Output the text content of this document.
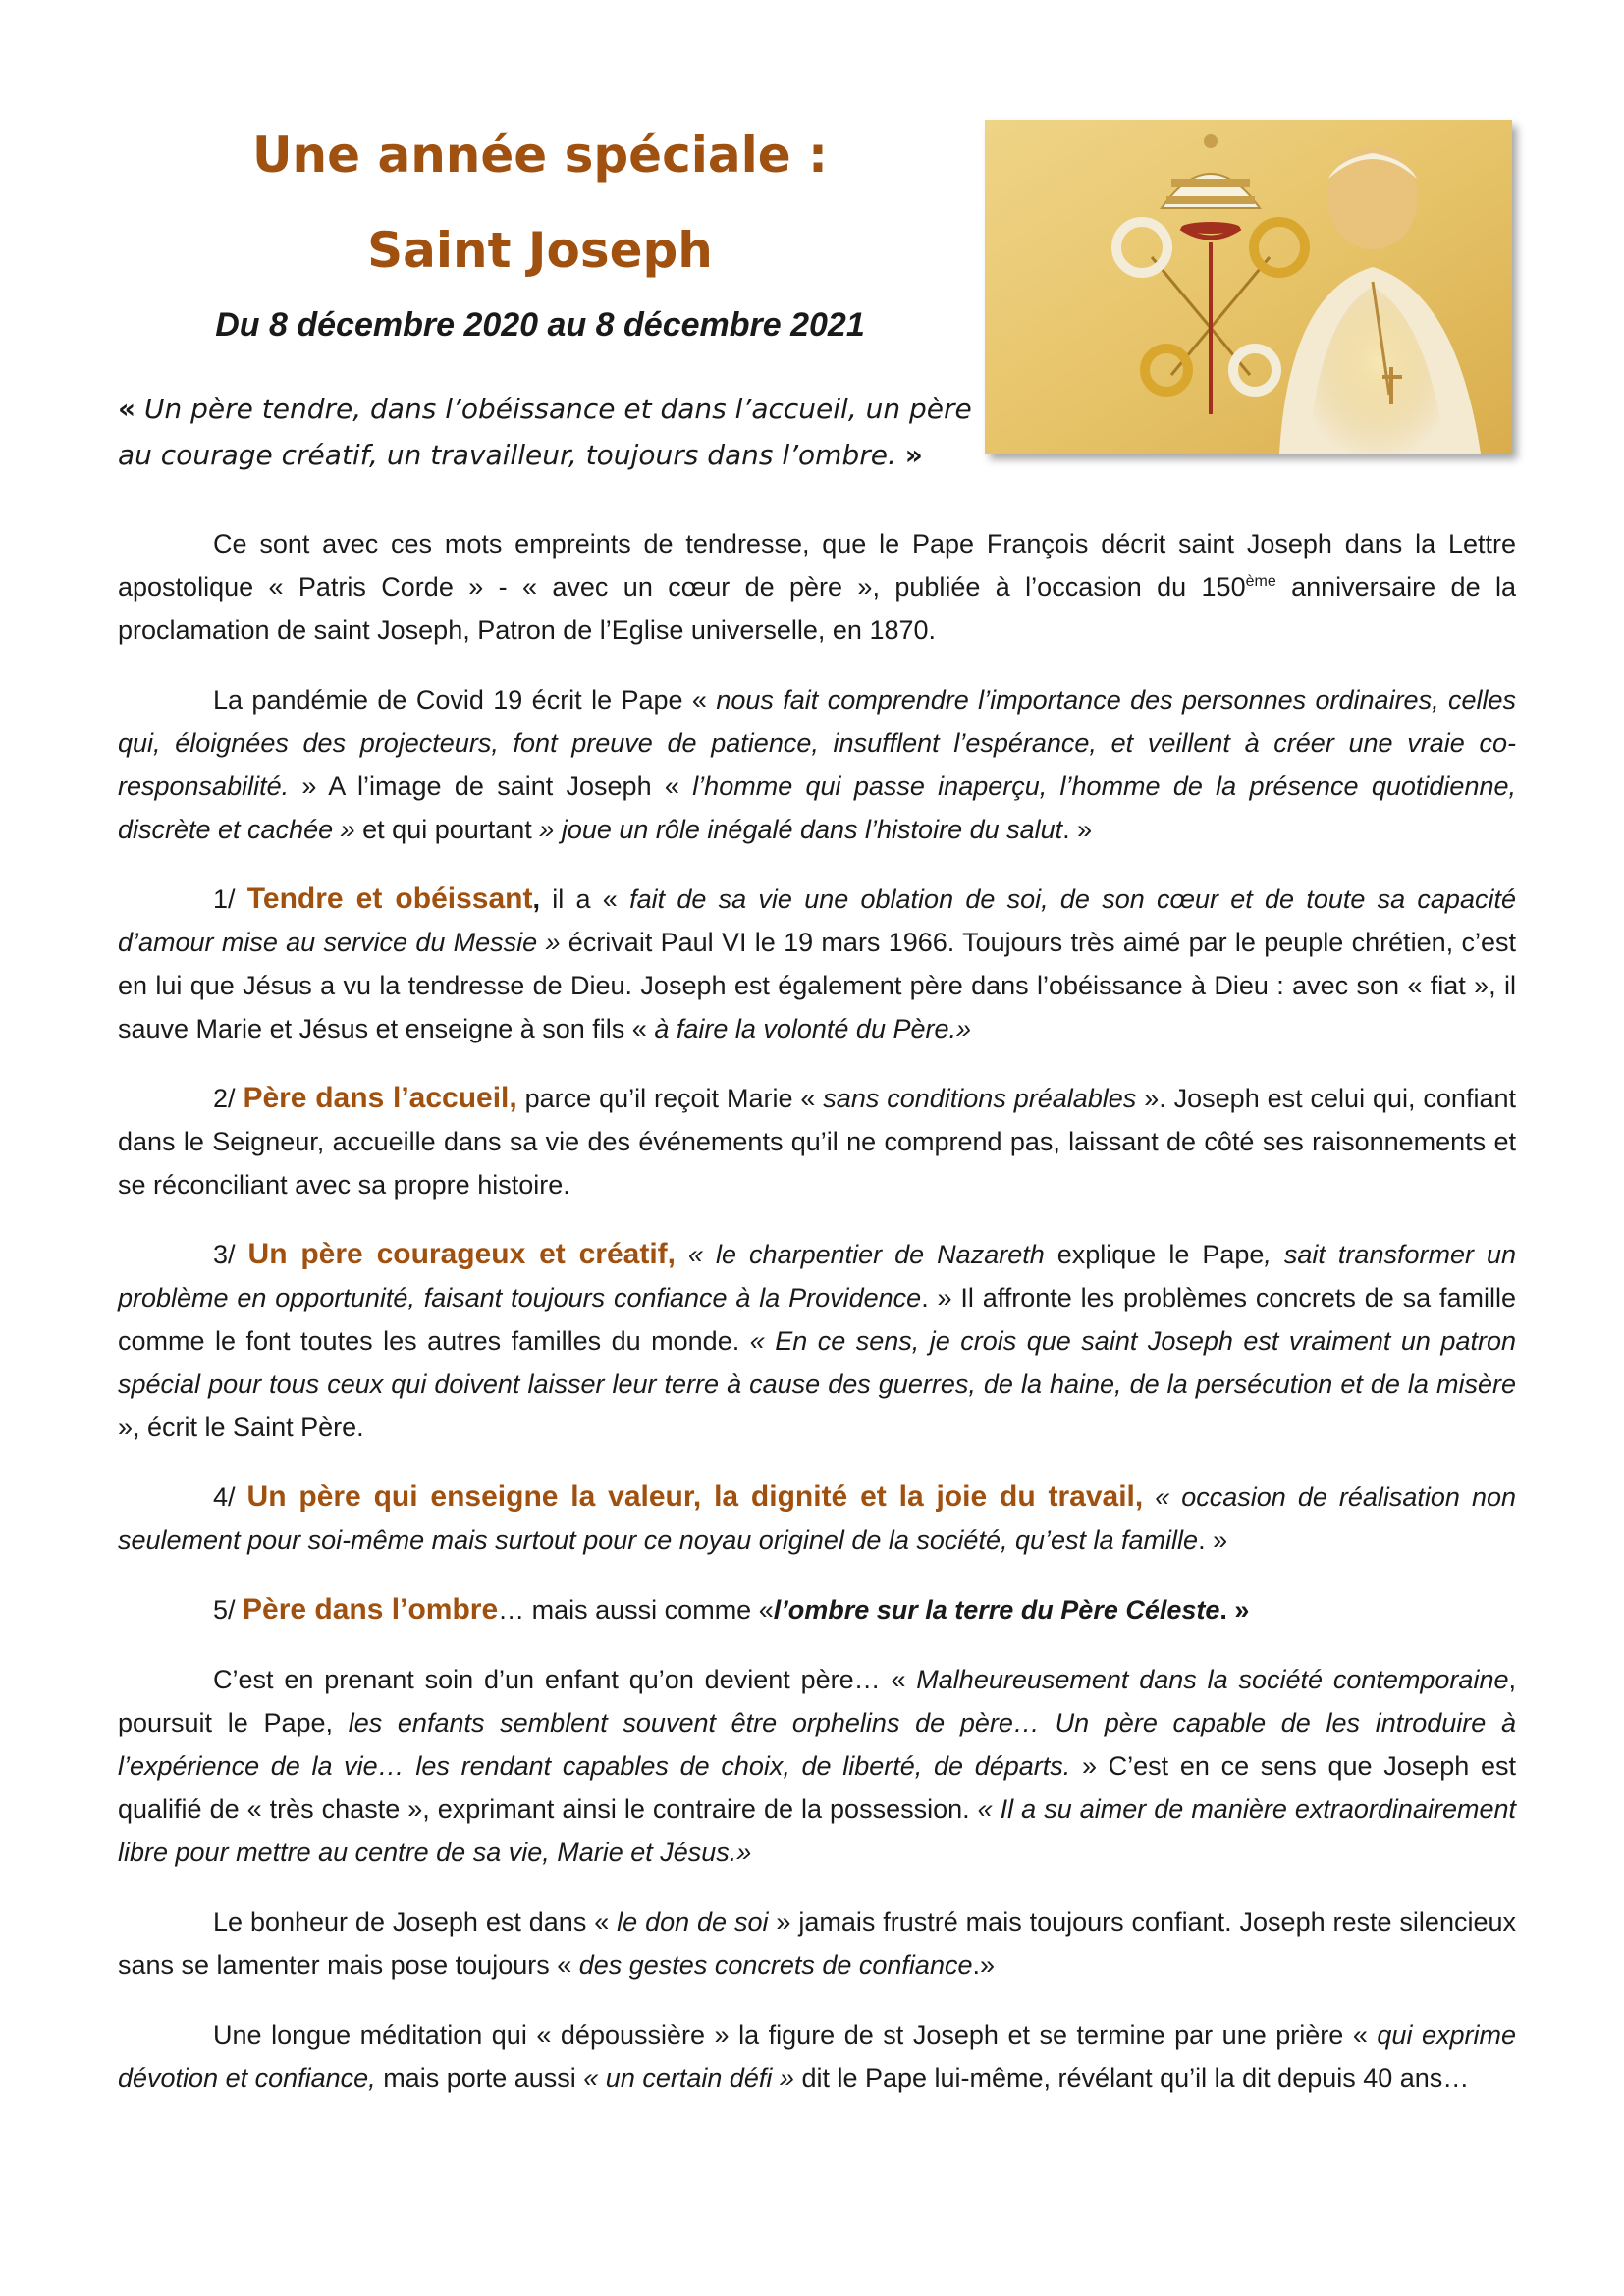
Une année spéciale :
Saint Joseph

Du 8 décembre 2020 au 8 décembre 2021

« Un père tendre, dans l’obéissance et dans l’accueil, un père au courage créatif, un travailleur, toujours dans l’ombre. »

Ce sont avec ces mots empreints de tendresse, que le Pape François décrit saint Joseph dans la Lettre apostolique « Patris Corde » - « avec un cœur de père », publiée à l’occasion du 150ème anniversaire de la proclamation de saint Joseph, Patron de l’Eglise universelle, en 1870.

La pandémie de Covid 19 écrit le Pape « nous fait comprendre l’importance des personnes ordinaires, celles qui, éloignées des projecteurs, font preuve de patience, insufflent l’espérance, et veillent à créer une vraie co- responsabilité. » A l’image de saint Joseph « l’homme qui passe inaperçu, l’homme de la présence quotidienne, discrète et cachée » et qui pourtant » joue un rôle inégalé dans l’histoire du salut. »

1/ Tendre et obéissant, il a « fait de sa vie une oblation de soi, de son cœur et de toute sa capacité d’amour mise au service du Messie » écrivait Paul VI le 19 mars 1966. Toujours très aimé par le peuple chrétien, c’est en lui que Jésus a vu la tendresse de Dieu. Joseph est également père dans l’obéissance à Dieu : avec son « fiat », il sauve Marie et Jésus et enseigne à son fils « à faire la volonté du Père.»

2/ Père dans l’accueil, parce qu’il reçoit Marie « sans conditions préalables ». Joseph est celui qui, confiant dans le Seigneur, accueille dans sa vie des événements qu’il ne comprend pas, laissant de côté ses raisonnements et se réconciliant avec sa propre histoire.

3/ Un père courageux et créatif, « le charpentier de Nazareth explique le Pape, sait transformer un problème en opportunité, faisant toujours confiance à la Providence. » Il affronte les problèmes concrets de sa famille comme le font toutes les autres familles du monde. « En ce sens, je crois que saint Joseph est vraiment un patron spécial pour tous ceux qui doivent laisser leur terre à cause des guerres, de la haine, de la persécution et de la misère », écrit le Saint Père.

4/ Un père qui enseigne la valeur, la dignité et la joie du travail, « occasion de réalisation non seulement pour soi-même mais surtout pour ce noyau originel de la société, qu’est la famille. »

5/ Père dans l’ombre… mais aussi comme «l’ombre sur la terre du Père Céleste. »

C’est en prenant soin d’un enfant qu’on devient père… « Malheureusement dans la société contemporaine, poursuit le Pape, les enfants semblent souvent être orphelins de père… Un père capable de les introduire à l’expérience de la vie… les rendant capables de choix, de liberté, de départs. » C’est en ce sens que Joseph est qualifié de « très chaste », exprimant ainsi le contraire de la possession. « Il a su aimer de manière extraordinairement libre pour mettre au centre de sa vie, Marie et Jésus.»

Le bonheur de Joseph est dans « le don de soi » jamais frustré mais toujours confiant. Joseph reste silencieux sans se lamenter mais pose toujours « des gestes concrets de confiance.»

Une longue méditation qui « dépoussière » la figure de st Joseph et se termine par une prière « qui exprime dévotion et confiance, mais porte aussi « un certain défi » dit le Pape lui-même, révélant qu’il la dit depuis 40 ans…
